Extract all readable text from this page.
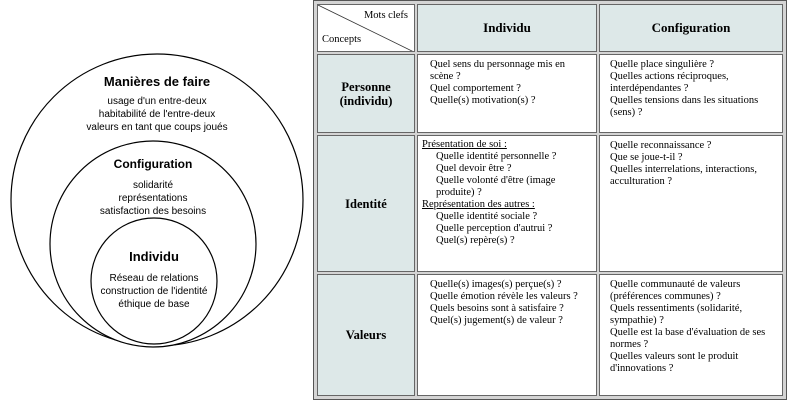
Manières de faire
usage d'un entre-deux
habitabilité de l'entre-deux
valeurs en tant que coups joués
Configuration
solidarité
représentations
satisfaction des besoins
Individu
Réseau de relations
construction de l'identité
éthique de base
Mots clefs
Concepts
Individu	Configuration
Personne (individu)

Quel sens du personnage mis en scène ?

Quel comportement ?

Quelle(s) motivation(s) ?

Quelle place singulière ?

Quelles actions réciproques, interdépendantes ?

Quelles tensions dans les situations (sens) ?

Identité

Présentation de soi :

Quelle identité personnelle ?

Quel devoir être ?

Quelle volonté d'être (image produite) ?

Représentation des autres :

Quelle identité sociale ?

Quelle perception d'autrui ?

Quel(s) repère(s) ?

Quelle reconnaissance ?

Que se joue-t-il ?

Quelles interrelations, interactions, acculturation ?

Valeurs

Quelle(s) images(s) perçue(s) ?

Quelle émotion révèle les valeurs ?

Quels besoins sont à satisfaire ?

Quel(s) jugement(s) de valeur ?

Quelle communauté de valeurs (préférences communes) ?

Quels ressentiments (solidarité, sympathie) ?

Quelle est la base d'évaluation de ses normes ?

Quelles valeurs sont le produit d'innovations ?
